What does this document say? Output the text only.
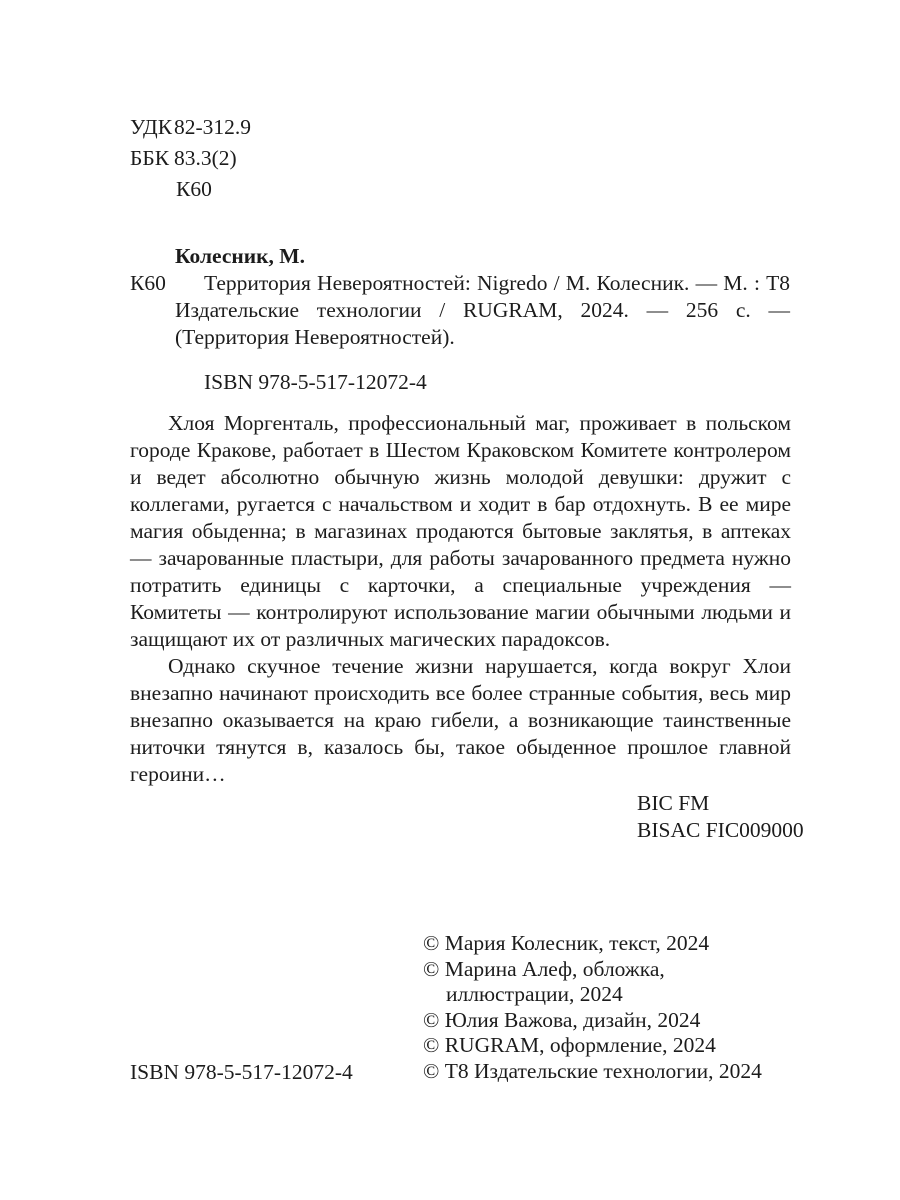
УДК82-312.9
ББК 83.3(2)
К60
Колесник, М.
К60	Территория Невероятностей: Nigredo / М. Колесник. — М. : Т8 Издательские технологии / RUGRAM, 2024. — 256 с. — (Территория Невероятностей).

ISBN 978-5-517-12072-4

Хлоя Моргенталь, профессиональный маг, проживает в польском городе Кракове, работает в Шестом Краковском Комитете контролером и ведет абсолютно обычную жизнь молодой девушки: дружит с коллегами, ругается с начальством и ходит в бар отдохнуть. В ее мире магия обыденна; в магазинах продаются бытовые заклятья, в аптеках — зачарованные пластыри, для работы зачарованного предмета нужно потратить единицы с карточки, а специальные учреждения — Комитеты — контролируют использование магии обычными людьми и защищают их от различных магических парадоксов.

Однако скучное течение жизни нарушается, когда вокруг Хлои внезапно начинают происходить все более странные события, весь мир внезапно оказывается на краю гибели, а возникающие таинственные ниточки тянутся в, казалось бы, такое обыденное прошлое главной героини…

BIC FM
BISAC FIC009000
© Мария Колесник, текст, 2024
© Марина Алеф, обложка, иллюстрации, 2024
© Юлия Важова, дизайн, 2024
© RUGRAM, оформление, 2024
© Т8 Издательские технологии, 2024
ISBN 978-5-517-12072-4
